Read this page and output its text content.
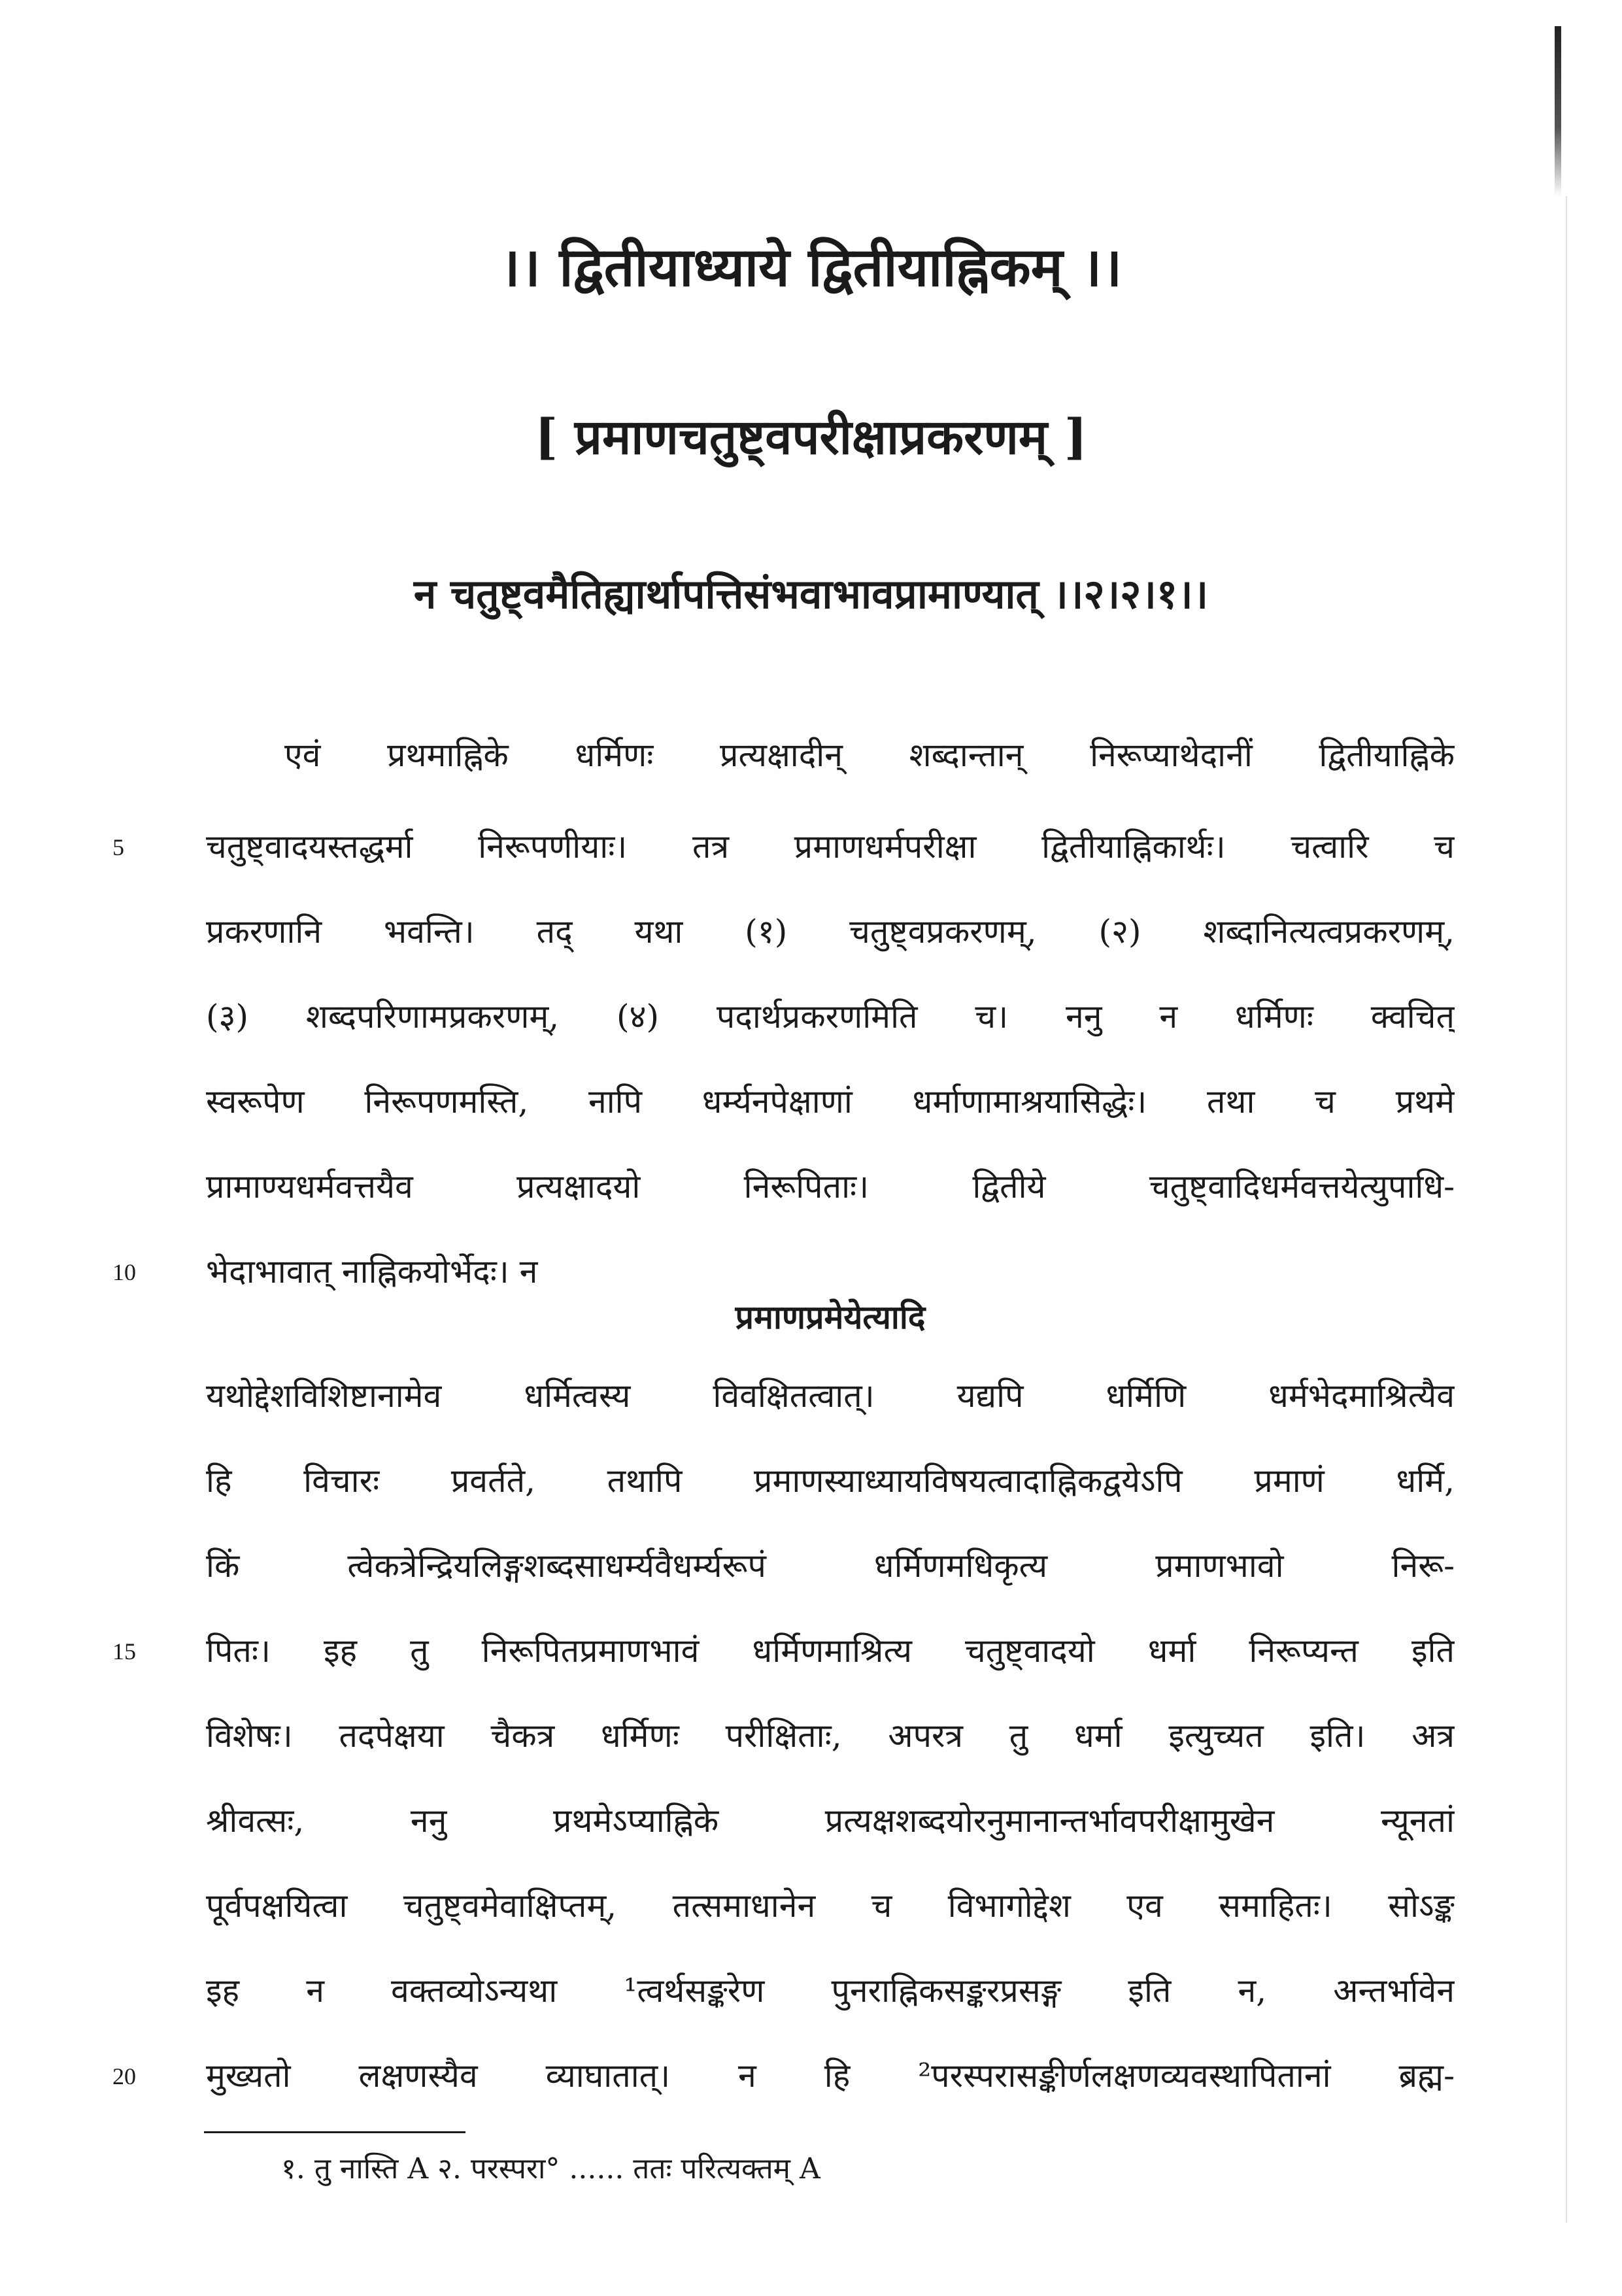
।। द्वितीयाध्याये द्वितीयाह्निकम् ।।
[ प्रमाणचतुष्ट्वपरीक्षाप्रकरणम् ]
न चतुष्ट्वमैतिह्यार्थापत्तिसंभवाभावप्रामाण्यात् ।।२।२।१।।
एवं प्रथमाह्निके धर्मिणः प्रत्यक्षादीन् शब्दान्तान् निरूप्याथेदानीं द्वितीयाह्निके
चतुष्ट्वादयस्तद्धर्मा निरूपणीयाः। तत्र प्रमाणधर्मपरीक्षा द्वितीयाह्निकार्थः। चत्वारि च
प्रकरणानि भवन्ति। तद् यथा (१) चतुष्ट्वप्रकरणम्, (२) शब्दानित्यत्वप्रकरणम्,
(३) शब्दपरिणामप्रकरणम्, (४) पदार्थप्रकरणमिति च। ननु न धर्मिणः क्वचित्
स्वरूपेण निरूपणमस्ति, नापि धर्म्यनपेक्षाणां धर्माणामाश्रयासिद्धेः। तथा च प्रथमे
प्रामाण्यधर्मवत्तयैव प्रत्यक्षादयो निरूपिताः। द्वितीये चतुष्ट्वादिधर्मवत्तयेत्युपाधि-
भेदाभावात् नाह्निकयोर्भेदः। न
प्रमाणप्रमेयेत्यादि
यथोद्देशविशिष्टानामेव धर्मित्वस्य विवक्षितत्वात्। यद्यपि धर्मिणि धर्मभेदमाश्रित्यैव
हि विचारः प्रवर्तते, तथापि प्रमाणस्याध्यायविषयत्वादाह्निकद्वयेऽपि प्रमाणं धर्मि,
किं त्वेकत्रेन्द्रियलिङ्गशब्दसाधर्म्यवैधर्म्यरूपं धर्मिणमधिकृत्य प्रमाणभावो निरू-
पितः। इह तु निरूपितप्रमाणभावं धर्मिणमाश्रित्य चतुष्ट्वादयो धर्मा निरूप्यन्त इति
विशेषः। तदपेक्षया चैकत्र धर्मिणः परीक्षिताः, अपरत्र तु धर्मा इत्युच्यत इति। अत्र
श्रीवत्सः, ननु प्रथमेऽप्याह्निके प्रत्यक्षशब्दयोरनुमानान्तर्भावपरीक्षामुखेन न्यूनतां
पूर्वपक्षयित्वा चतुष्ट्वमेवाक्षिप्तम्, तत्समाधानेन च विभागोद्देश एव समाहितः। सोऽङ्क
इह न वक्तव्योऽन्यथा ¹त्वर्थसङ्करेण पुनराह्निकसङ्करप्रसङ्ग इति न, अन्तर्भावेन
मुख्यतो लक्षणस्यैव व्याघातात्। न हि ²परस्परासङ्कीर्णलक्षणव्यवस्थापितानां ब्रह्म-
5
10
15
20
१. तु नास्ति A २. परस्परा° ...... ततः परित्यक्तम् A
